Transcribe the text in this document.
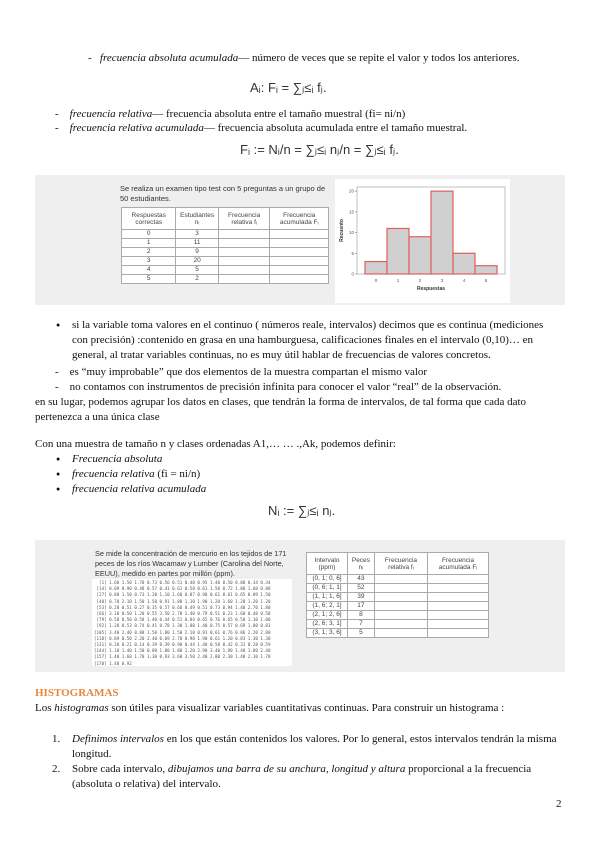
-   frecuencia absoluta acumulada— número de veces que se repite el valor y todos los anteriores.
Aᵢ: Fᵢ = ∑ⱼ≤ᵢ fⱼ.
-    frecuencia relativa— frecuencia absoluta entre el tamaño muestral (fi= ni/n)
-    frecuencia relativa acumulada— frecuencia absoluta acumulada entre el tamaño muestral.
Fᵢ := Nᵢ/n = ∑ⱼ≤ᵢ nⱼ/n = ∑ⱼ≤ᵢ fⱼ.
Se realiza un examen tipo test con 5 preguntas a un grupo de 50 estudiantes.
Respuestas correctas	Estudiantes nᵢ	Frecuencia relativa fᵢ	Frecuencia acumulada Fᵢ
0	3		
1	11		
2	9		
3	20		
4	5		
5	2		
0
5
10
15
20
0	1	2	3	4	5
Respuestas
Recuento
● si la variable toma valores en el continuo ( números reale, intervalos) decimos que es continua (mediciones con precisión) :contenido en grasa en una hamburguesa, calificaciones finales en el intervalo (0,10)… en general, al tratar variables continuas, no es muy útil hablar de frecuencias de valores concretos.
-    es “muy improbable” que dos elementos de la muestra compartan el mismo valor
-    no contamos con instrumentos de precisión infinita para conocer el valor “real” de la observación.
en su lugar, podemos agrupar los datos en clases, que tendrán la forma de intervalos, de tal forma que cada dato pertenezca a una única clase
Con una muestra de tamaño n y clases ordenadas A1,… … .,Ak, podemos definir:
● Frecuencia absoluta
● frecuencia relativa (fi = ni/n)
● frecuencia relativa acumulada
Nᵢ := ∑ⱼ≤ᵢ nⱼ.
Se mide la concentración de mercurio en los tejidos de 171 peces de los ríos Wacamaw y Lumber (Carolina del Norte, EEUU), medido en partes por millón (ppm).
[1] 1.60 1.50 1.70 0.73 0.56 0.51 0.48 0.95 1.40 0.50 0.80 0.34 0.34
[14] 0.09 0.90 0.48 0.57 0.41 0.61 0.58 0.61 1.50 0.72 1.80 1.60 0.88
[27] 0.88 1.50 0.73 1.20 1.10 1.60 0.87 0.90 0.61 0.61 0.65 0.09 1.50
[40] 0.70 2.10 1.50 1.50 0.91 1.80 1.10 1.90 1.20 1.60 1.20 1.20 1.20
[53] 0.28 0.51 0.27 0.35 0.57 0.66 0.49 0.51 0.73 0.94 1.40 2.70 1.80
[66] 3.10 0.50 1.20 0.55 3.50 2.70 1.40 0.79 0.51 0.23 1.60 0.48 0.58
[79] 0.58 0.50 0.58 1.40 0.44 0.51 0.84 0.65 0.76 0.65 0.50 1.10 1.00
[92] 1.20 0.53 0.74 0.41 0.78 1.30 1.80 1.40 0.75 0.57 0.69 1.80 0.83
[105] 3.40 2.40 0.88 1.50 1.80 1.50 2.10 0.91 0.61 0.76 0.86 2.20 2.80
[118] 0.89 0.50 2.20 2.40 0.69 2.70 0.90 1.90 0.61 1.20 0.83 1.30 1.30
[131] 0.28 0.21 0.14 0.39 0.39 0.90 0.44 1.40 0.58 0.42 0.31 0.28 0.59
[144] 1.10 1.40 1.50 0.88 1.80 1.80 1.20 2.90 3.40 1.90 1.40 1.80 2.40
[157] 1.40 1.60 1.70 1.30 0.93 3.60 3.50 2.40 2.80 2.30 1.40 2.10 1.70
[170] 1.40 0.92
Intervalo (ppm)	Peces nᵢ	Frecuencia relativa fᵢ	Frecuencia acumulada Fᵢ
(0, 1; 0, 6]	43		
(0, 6; 1, 1]	52		
(1, 1; 1, 6]	39		
(1, 6; 2, 1]	17		
(2, 1; 2, 6]	8		
(2, 6; 3, 1]	7		
(3, 1; 3, 6]	5		
HISTOGRAMAS
Los histogramas son útiles para visualizar variables cuantitativas continuas. Para construir un histograma :
1. Definimos intervalos en los que están contenidos los valores. Por lo general, estos intervalos tendrán la misma longitud.
2. Sobre cada intervalo, dibujamos una barra de su anchura, longitud y altura proporcional a la frecuencia (absoluta o relativa) del intervalo.
2
